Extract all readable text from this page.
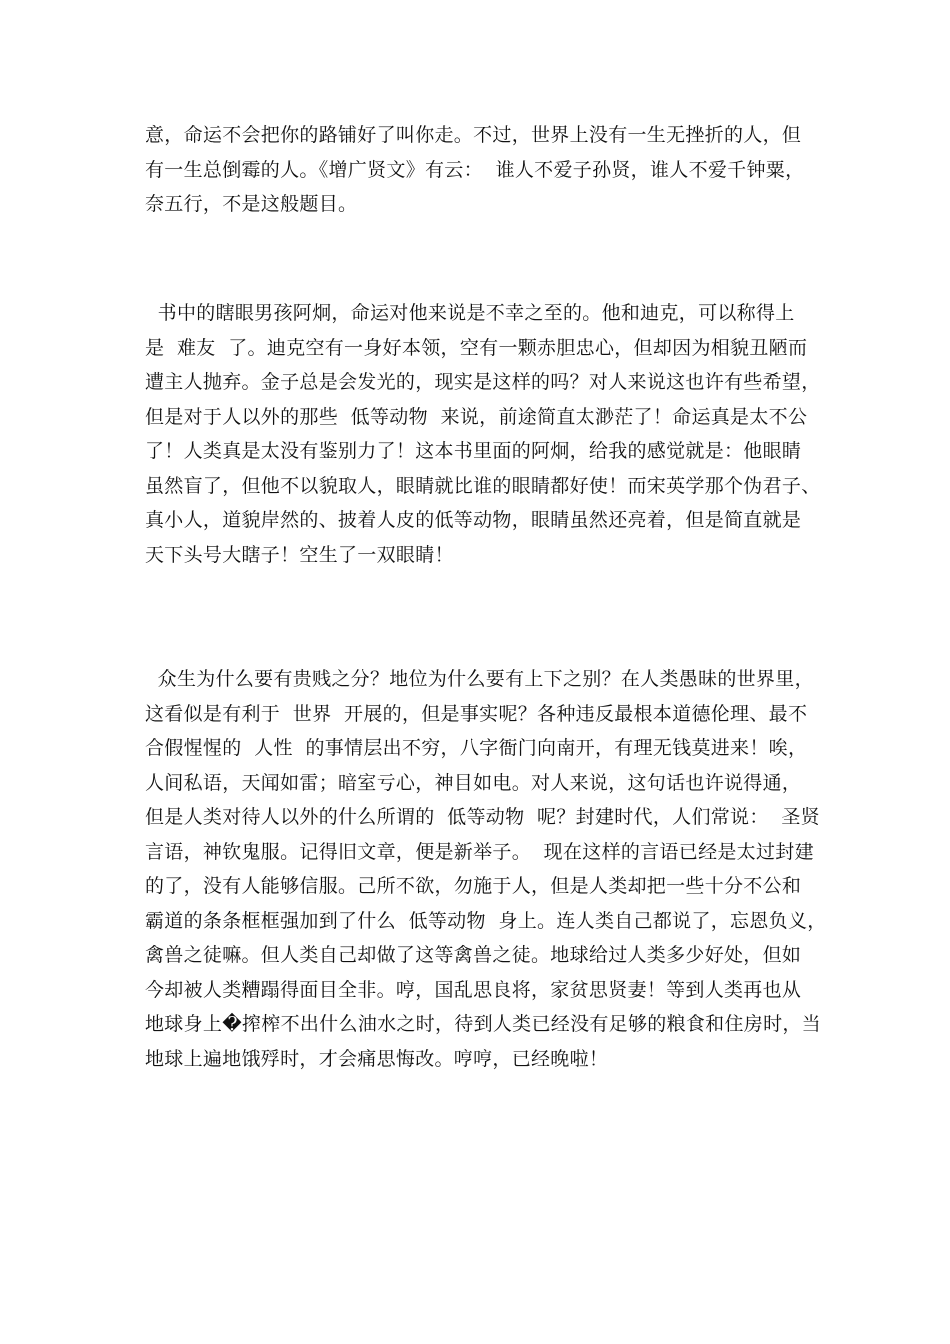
意，命运不会把你的路铺好了叫你走。不过，世界上没有一生无挫折的人，但
有一生总倒霉的人。《增广贤文》有云：  谁人不爱子孙贤，谁人不爱千钟粟，
奈五行，不是这般题目。

书中的瞎眼男孩阿炯，命运对他来说是不幸之至的。他和迪克，可以称得上
是  难友  了。迪克空有一身好本领，空有一颗赤胆忠心，但却因为相貌丑陋而
遭主人抛弃。金子总是会发光的，现实是这样的吗？对人来说这也许有些希望，
但是对于人以外的那些  低等动物  来说，前途简直太渺茫了！命运真是太不公
了！人类真是太没有鉴别力了！这本书里面的阿炯，给我的感觉就是：他眼睛
虽然盲了，但他不以貌取人，眼睛就比谁的眼睛都好使！而宋英学那个伪君子、
真小人，道貌岸然的、披着人皮的低等动物，眼睛虽然还亮着，但是简直就是
天下头号大瞎子！空生了一双眼睛！

众生为什么要有贵贱之分？地位为什么要有上下之别？在人类愚昧的世界里，
这看似是有利于  世界  开展的，但是事实呢？各种违反最根本道德伦理、最不
合假惺惺的  人性  的事情层出不穷，八字衙门向南开，有理无钱莫进来！唉，
人间私语，天闻如雷；暗室亏心，神目如电。对人来说，这句话也许说得通，
但是人类对待人以外的什么所谓的  低等动物  呢？封建时代，人们常说：  圣贤
言语，神钦鬼服。记得旧文章，便是新举子。  现在这样的言语已经是太过封建
的了，没有人能够信服。己所不欲，勿施于人，但是人类却把一些十分不公和
霸道的条条框框强加到了什么  低等动物  身上。连人类自己都说了，忘恩负义，
禽兽之徒嘛。但人类自己却做了这等禽兽之徒。地球给过人类多少好处，但如
今却被人类糟蹋得面目全非。哼，国乱思良将，家贫思贤妻！等到人类再也从
地球身上�搾榨不出什么油水之时，待到人类已经没有足够的粮食和住房时，当
地球上遍地饿殍时，才会痛思悔改。哼哼，已经晚啦！
